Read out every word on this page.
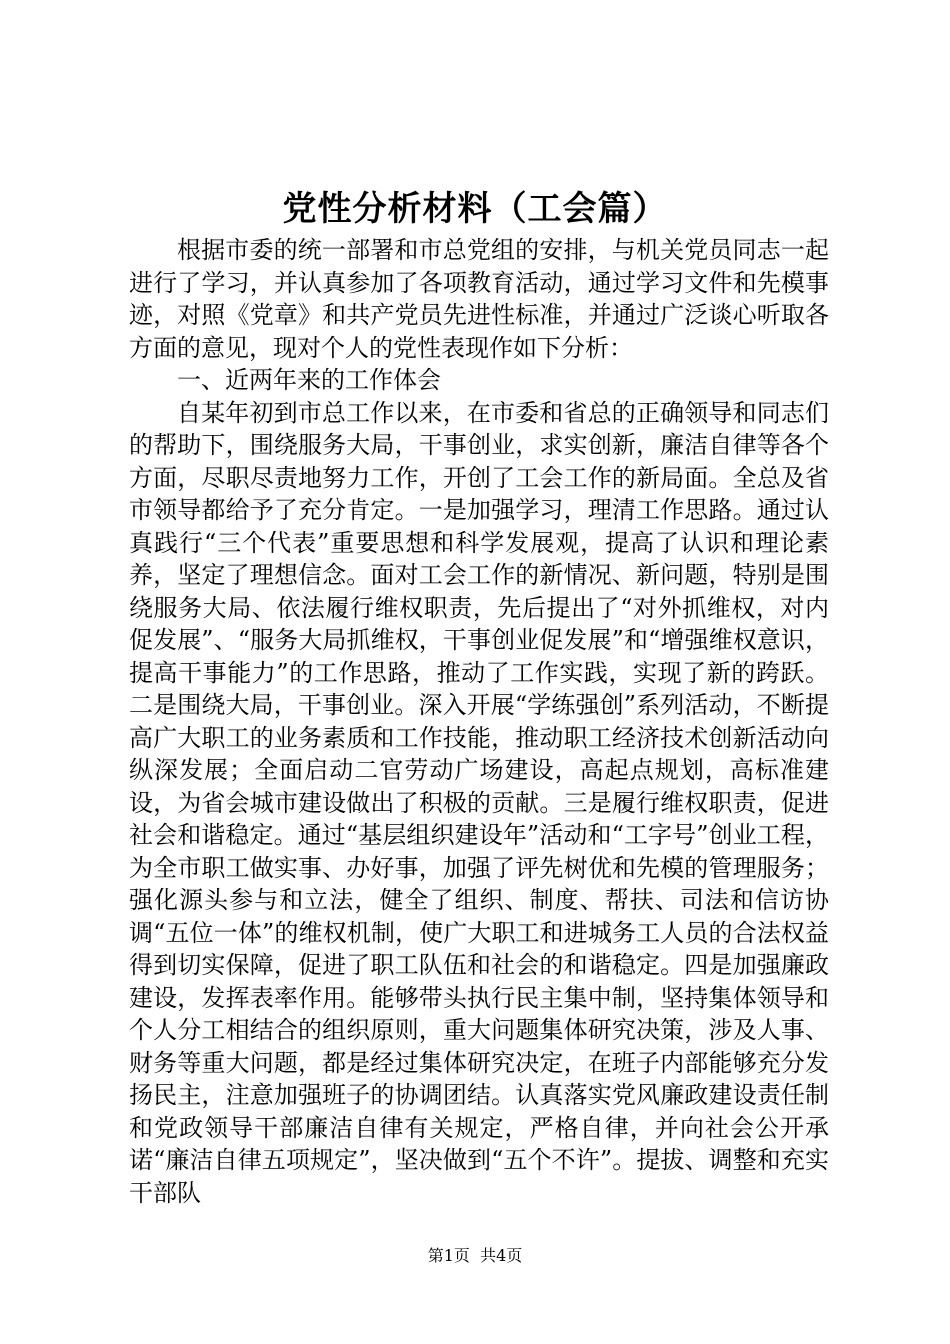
党性分析材料（工会篇）

根据市委的统一部署和市总党组的安排，与机关党员同志一起进行了学习，并认真参加了各项教育活动，通过学习文件和先模事迹，对照《党章》和共产党员先进性标准，并通过广泛谈心听取各方面的意见，现对个人的党性表现作如下分析：

一、近两年来的工作体会

自某年初到市总工作以来，在市委和省总的正确领导和同志们的帮助下，围绕服务大局，干事创业，求实创新，廉洁自律等各个方面，尽职尽责地努力工作，开创了工会工作的新局面。全总及省市领导都给予了充分肯定。一是加强学习，理清工作思路。通过认真践行“三个代表”重要思想和科学发展观，提高了认识和理论素养，坚定了理想信念。面对工会工作的新情况、新问题，特别是围绕服务大局、依法履行维权职责，先后提出了“对外抓维权，对内促发展”、“服务大局抓维权，干事创业促发展”和“增强维权意识，提高干事能力”的工作思路，推动了工作实践，实现了新的跨跃。二是围绕大局，干事创业。深入开展“学练强创”系列活动，不断提高广大职工的业务素质和工作技能，推动职工经济技术创新活动向纵深发展；全面启动二官劳动广场建设，高起点规划，高标准建设，为省会城市建设做出了积极的贡献。三是履行维权职责，促进社会和谐稳定。通过“基层组织建设年”活动和“工字号”创业工程，为全市职工做实事、办好事，加强了评先树优和先模的管理服务；强化源头参与和立法，健全了组织、制度、帮扶、司法和信访协调“五位一体”的维权机制，使广大职工和进城务工人员的合法权益得到切实保障，促进了职工队伍和社会的和谐稳定。四是加强廉政建设，发挥表率作用。能够带头执行民主集中制，坚持集体领导和个人分工相结合的组织原则，重大问题集体研究决策，涉及人事、财务等重大问题，都是经过集体研究决定，在班子内部能够充分发扬民主，注意加强班子的协调团结。认真落实党风廉政建设责任制和党政领导干部廉洁自律有关规定，严格自律，并向社会公开承诺“廉洁自律五项规定”，坚决做到“五个不许”。提拔、调整和充实干部队

第1页  共4页
